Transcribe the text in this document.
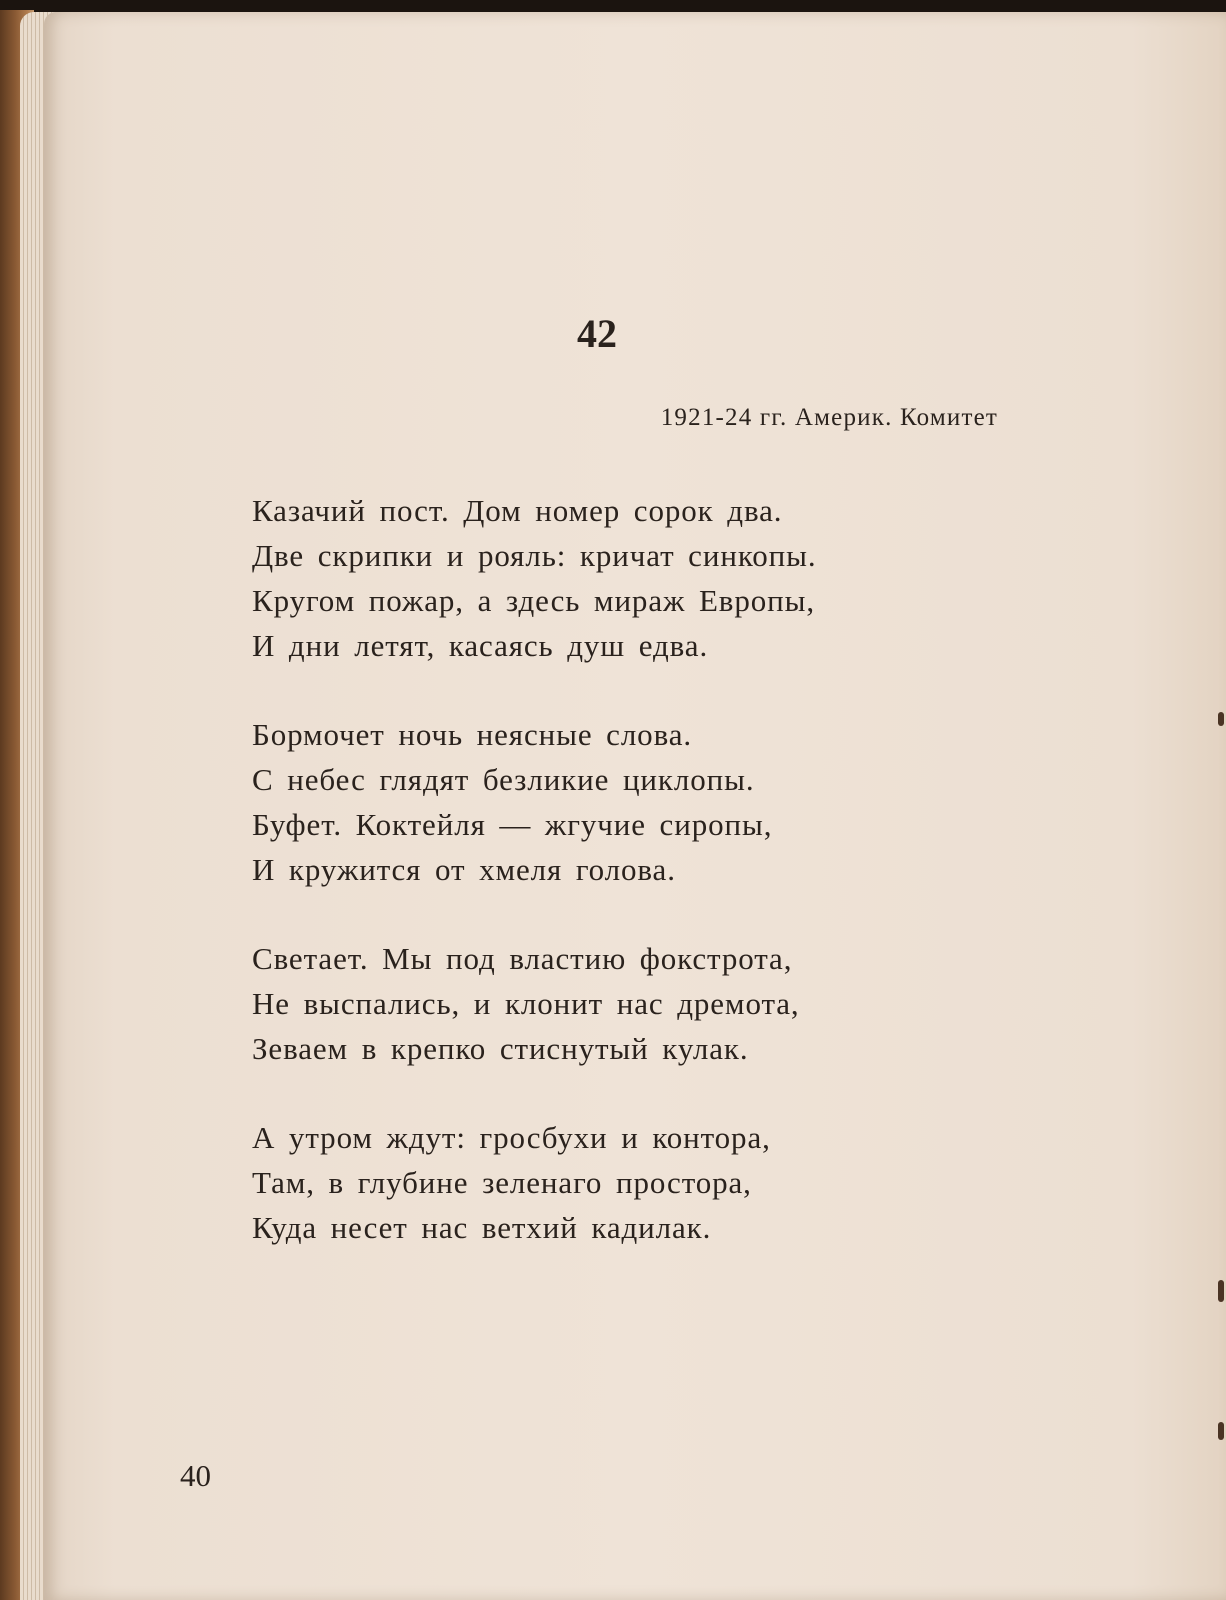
42

1921-24 гг. Америк. Комитет

Казачий пост. Дом номер сорок два.
Две скрипки и рояль: кричат синкопы.
Кругом пожар, а здесь мираж Европы,
И дни летят, касаясь душ едва.
Бормочет ночь неясные слова.
С небес глядят безликие циклопы.
Буфет. Коктейля — жгучие сиропы,
И кружится от хмеля голова.
Светает. Мы под властию фокстрота,
Не выспались, и клонит нас дремота,
Зеваем в крепко стиснутый кулак.
А утром ждут: гросбухи и контора,
Там, в глубине зеленаго простора,
Куда несет нас ветхий кадилак.

40
